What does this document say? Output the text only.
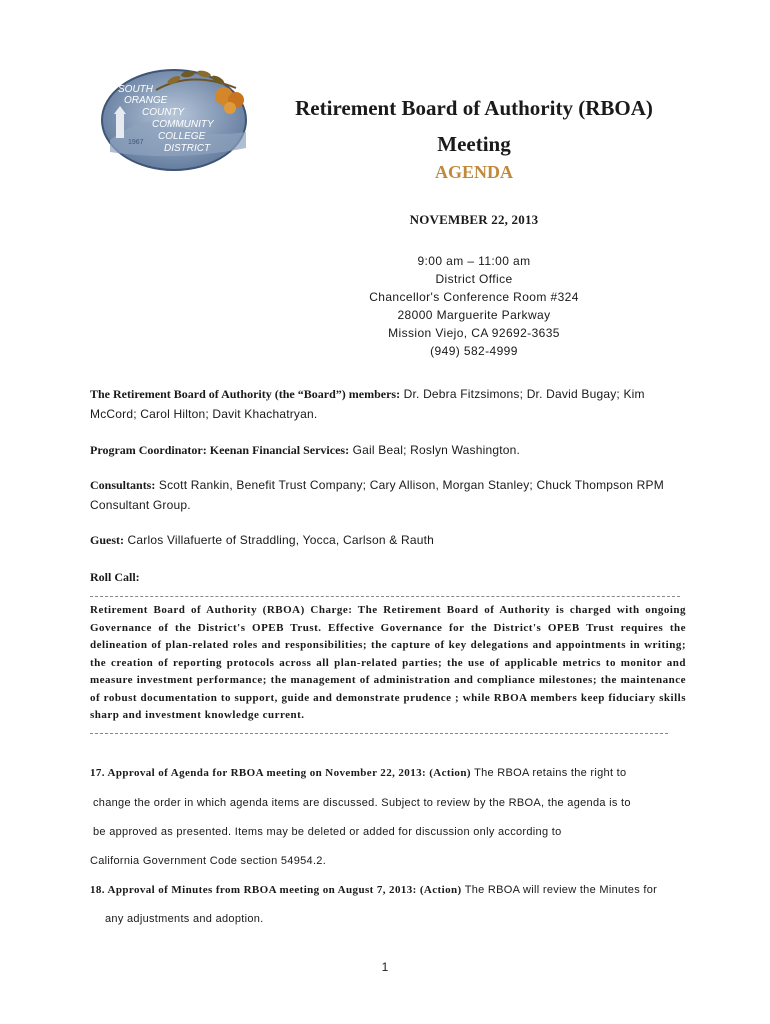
SOUTH
ORANGE
COUNTY
COMMUNITY
COLLEGE
DISTRICT
1967
Retirement Board of Authority (RBOA)
Meeting
AGENDA
NOVEMBER 22, 2013
9:00 am – 11:00 am
District Office
Chancellor's Conference Room #324
28000 Marguerite Parkway
Mission Viejo, CA 92692-3635
(949) 582-4999
The Retirement Board of Authority (the “Board”) members: Dr. Debra Fitzsimons; Dr. David Bugay; Kim McCord; Carol Hilton; Davit Khachatryan.
Program Coordinator: Keenan Financial Services: Gail Beal; Roslyn Washington.
Consultants: Scott Rankin, Benefit Trust Company; Cary Allison, Morgan Stanley; Chuck Thompson RPM Consultant Group.
Guest: Carlos Villafuerte of Straddling, Yocca, Carlson & Rauth
Roll Call:
Retirement Board of Authority (RBOA) Charge: The Retirement Board of Authority is charged with ongoing Governance of the District's OPEB Trust. Effective Governance for the District's OPEB Trust requires the delineation of plan-related roles and responsibilities; the capture of key delegations and appointments in writing; the creation of reporting protocols across all plan-related parties; the use of applicable metrics to monitor and measure investment performance; the management of administration and compliance milestones; the maintenance of robust documentation to support, guide and demonstrate prudence ; while RBOA members keep fiduciary skills sharp and investment knowledge current.
17. Approval of Agenda for RBOA meeting on November 22, 2013: (Action) The RBOA retains the right to
change the order in which agenda items are discussed. Subject to review by the RBOA, the agenda is to
be approved as presented. Items may be deleted or added for discussion only according to
California Government Code section 54954.2.
18. Approval of Minutes from RBOA meeting on August 7, 2013: (Action) The RBOA will review the Minutes for
any adjustments and adoption.
1
